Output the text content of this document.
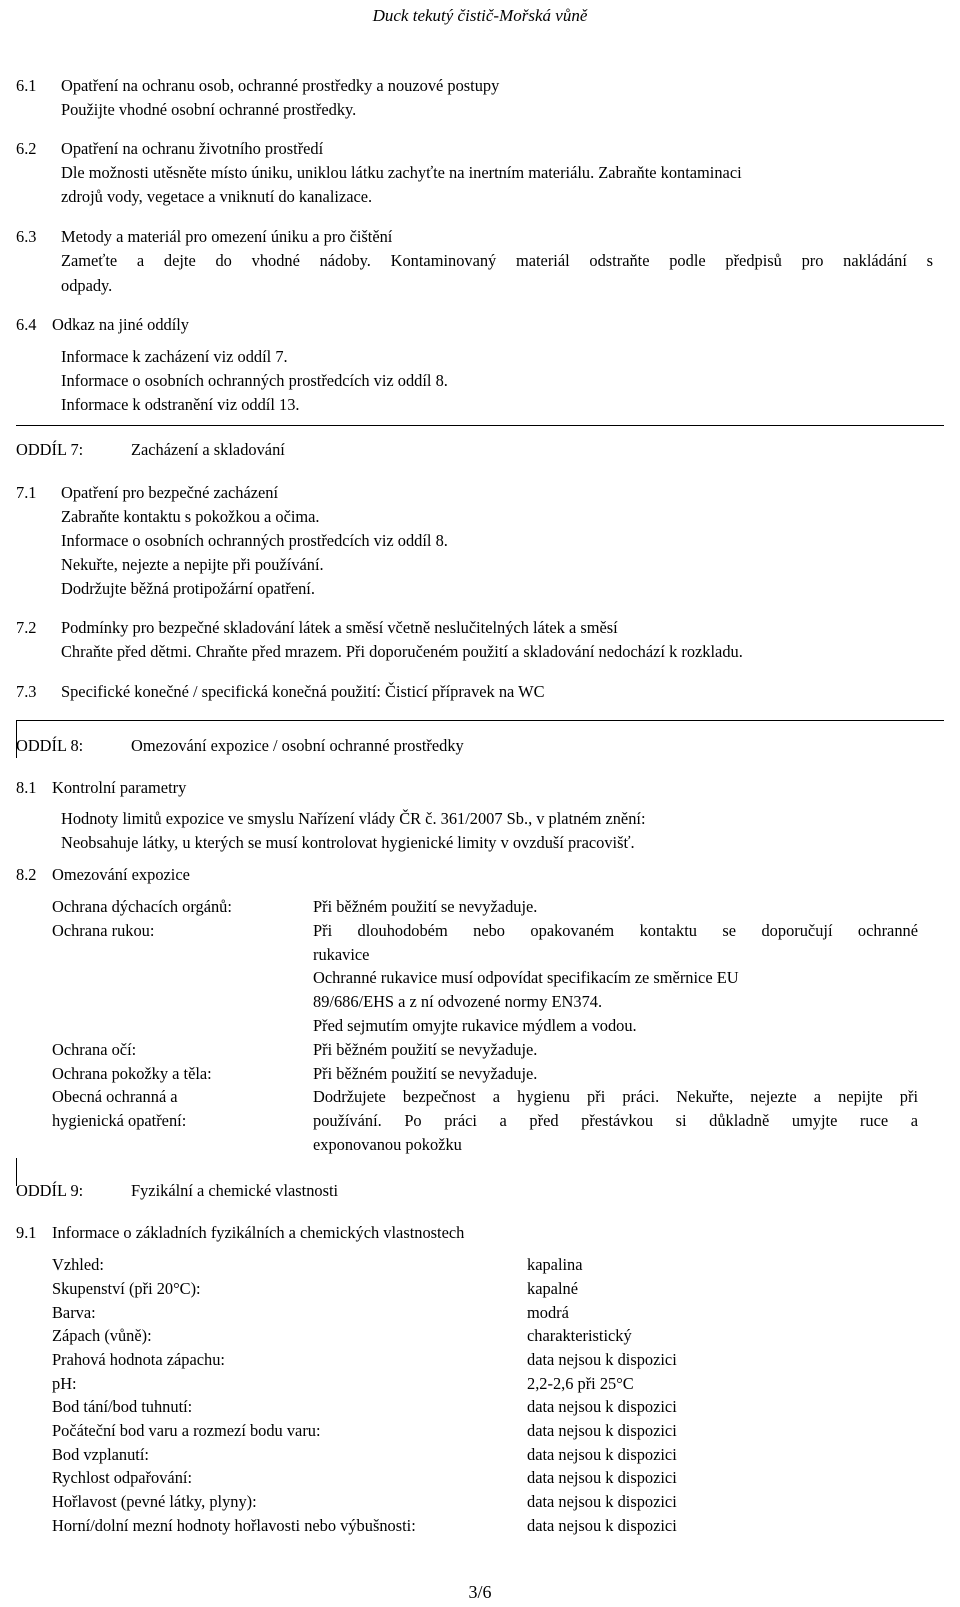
Duck tekutý čistič-Mořská vůně
6.1 Opatření na ochranu osob, ochranné prostředky a nouzové postupy
Použijte vhodné osobní ochranné prostředky.
6.2 Opatření na ochranu životního prostředí
Dle možnosti utěsněte místo úniku, uniklou látku zachyťte na inertním materiálu. Zabraňte kontaminaci
zdrojů vody, vegetace a vniknutí do kanalizace.
6.3 Metody a materiál pro omezení úniku a pro čištění
Zameťte a dejte do vhodné nádoby. Kontaminovaný materiál odstraňte podle předpisů pro nakládání s
odpady.
6.4 Odkaz na jiné oddíly
Informace k zacházení viz oddíl 7.
Informace o osobních ochranných prostředcích viz oddíl 8.
Informace k odstranění viz oddíl 13.
ODDÍL 7:	Zacházení a skladování
7.1 Opatření pro bezpečné zacházení
Zabraňte kontaktu s pokožkou a očima.
Informace o osobních ochranných prostředcích viz oddíl 8.
Nekuřte, nejezte a nepijte při používání.
Dodržujte běžná protipožární opatření.
7.2 Podmínky pro bezpečné skladování látek a směsí včetně neslučitelných látek a směsí
Chraňte před dětmi. Chraňte před mrazem. Při doporučeném použití a skladování nedochází k rozkladu.
7.3 Specifické konečné / specifická konečná použití: Čisticí přípravek na WC
ODDÍL 8:	Omezování expozice / osobní ochranné prostředky
8.1 Kontrolní parametry
Hodnoty limitů expozice ve smyslu Nařízení vlády ČR č. 361/2007 Sb., v platném znění:
Neobsahuje látky, u kterých se musí kontrolovat hygienické limity v ovzduší pracovišť.
8.2 Omezování expozice
Ochrana dýchacích orgánů:	Při běžném použití se nevyžaduje.
Ochrana rukou:	Při dlouhodobém nebo opakovaném kontaktu se doporučují ochranné
rukavice
Ochranné rukavice musí odpovídat specifikacím ze směrnice EU
89/686/EHS a z ní odvozené normy EN374.
Před sejmutím omyjte rukavice mýdlem a vodou.
Ochrana očí:	Při běžném použití se nevyžaduje.
Ochrana pokožky a těla:	Při běžném použití se nevyžaduje.
Obecná ochranná a
hygienická opatření:
Dodržujete bezpečnost a hygienu při práci. Nekuřte, nejezte a nepijte při
používání. Po práci a před přestávkou si důkladně umyjte ruce a
exponovanou pokožku
ODDÍL 9:	Fyzikální a chemické vlastnosti
9.1 Informace o základních fyzikálních a chemických vlastnostech
Vzhled:	kapalina
Skupenství (při 20°C):	kapalné
Barva:	modrá
Zápach (vůně):	charakteristický
Prahová hodnota zápachu:	data nejsou k dispozici
pH:	2,2-2,6 při 25°C
Bod tání/bod tuhnutí:	data nejsou k dispozici
Počáteční bod varu a rozmezí bodu varu:	data nejsou k dispozici
Bod vzplanutí:	data nejsou k dispozici
Rychlost odpařování:	data nejsou k dispozici
Hořlavost (pevné látky, plyny):	data nejsou k dispozici
Horní/dolní mezní hodnoty hořlavosti nebo výbušnosti:	data nejsou k dispozici
3/6
